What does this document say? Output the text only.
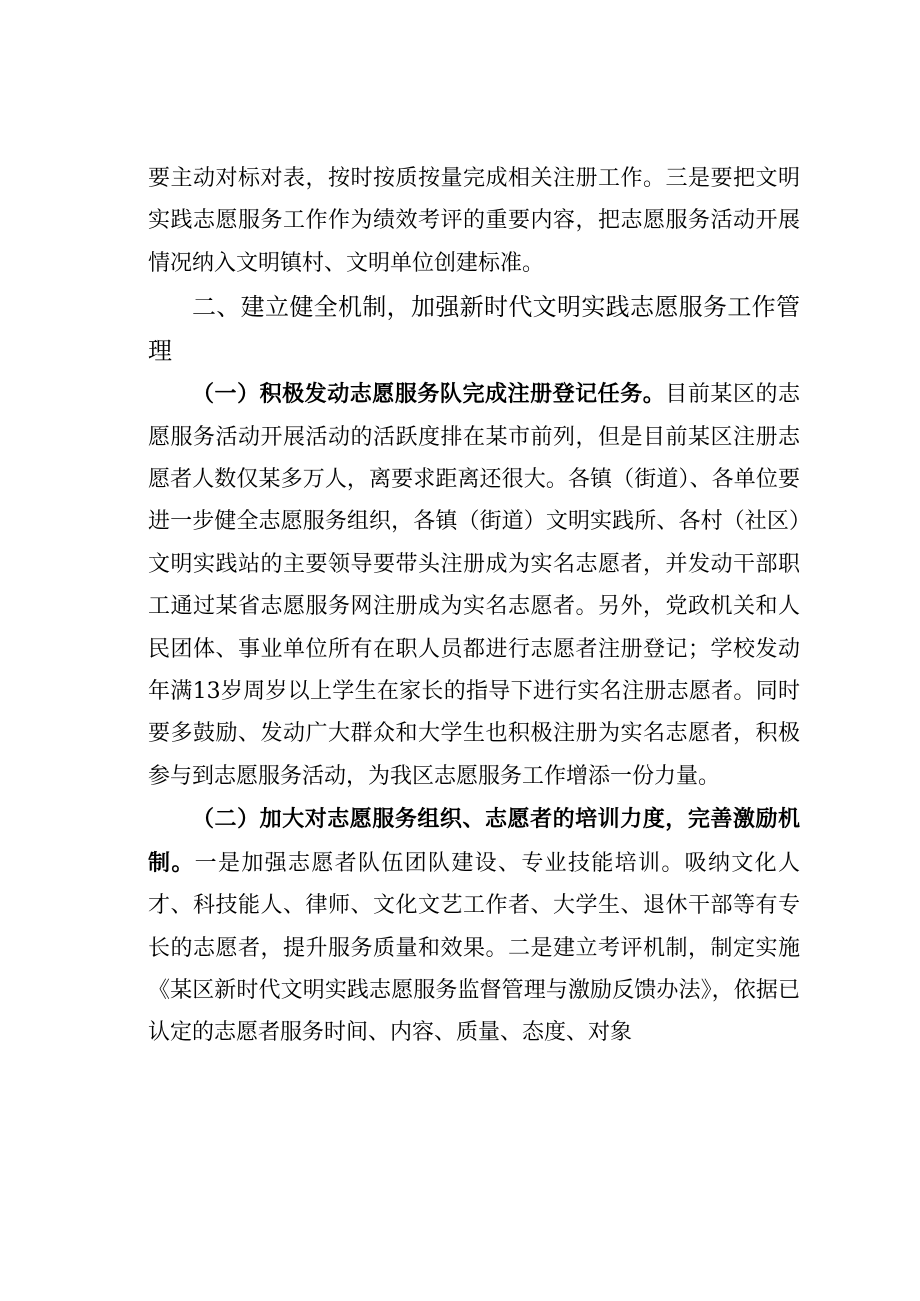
要主动对标对表，按时按质按量完成相关注册工作。三是要把文明实践志愿服务工作作为绩效考评的重要内容，把志愿服务活动开展情况纳入文明镇村、文明单位创建标准。

二、建立健全机制，加强新时代文明实践志愿服务工作管理

（一）积极发动志愿服务队完成注册登记任务。目前某区的志愿服务活动开展活动的活跃度排在某市前列，但是目前某区注册志愿者人数仅某多万人，离要求距离还很大。各镇（街道）、各单位要进一步健全志愿服务组织，各镇（街道）文明实践所、各村（社区）文明实践站的主要领导要带头注册成为实名志愿者，并发动干部职工通过某省志愿服务网注册成为实名志愿者。另外，党政机关和人民团体、事业单位所有在职人员都进行志愿者注册登记；学校发动年满13岁周岁以上学生在家长的指导下进行实名注册志愿者。同时要多鼓励、发动广大群众和大学生也积极注册为实名志愿者，积极参与到志愿服务活动，为我区志愿服务工作增添一份力量。

（二）加大对志愿服务组织、志愿者的培训力度，完善激励机制。一是加强志愿者队伍团队建设、专业技能培训。吸纳文化人才、科技能人、律师、文化文艺工作者、大学生、退休干部等有专长的志愿者，提升服务质量和效果。二是建立考评机制，制定实施《某区新时代文明实践志愿服务监督管理与激励反馈办法》，依据已认定的志愿者服务时间、内容、质量、态度、对象
